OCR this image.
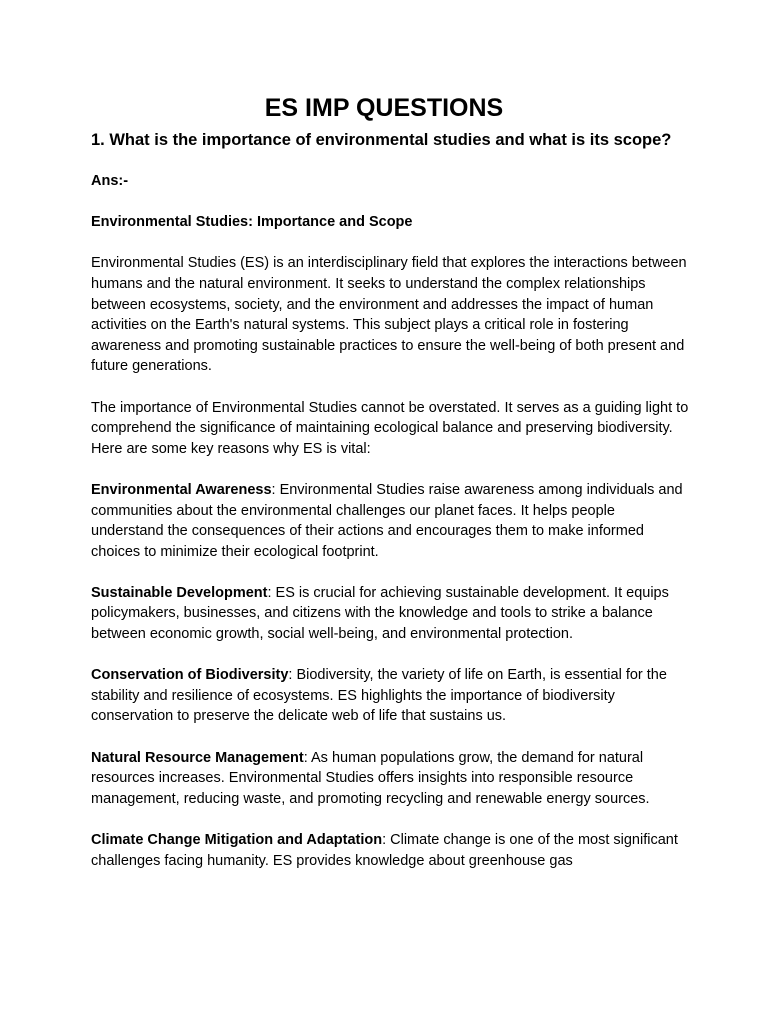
ES IMP QUESTIONS

1. What is the importance of environmental studies and what is its scope?

Ans:-

Environmental Studies: Importance and Scope

Environmental Studies (ES) is an interdisciplinary field that explores the interactions between humans and the natural environment. It seeks to understand the complex relationships between ecosystems, society, and the environment and addresses the impact of human activities on the Earth's natural systems. This subject plays a critical role in fostering awareness and promoting sustainable practices to ensure the well-being of both present and future generations.

The importance of Environmental Studies cannot be overstated. It serves as a guiding light to comprehend the significance of maintaining ecological balance and preserving biodiversity. Here are some key reasons why ES is vital:

Environmental Awareness: Environmental Studies raise awareness among individuals and communities about the environmental challenges our planet faces. It helps people understand the consequences of their actions and encourages them to make informed choices to minimize their ecological footprint.

Sustainable Development: ES is crucial for achieving sustainable development. It equips policymakers, businesses, and citizens with the knowledge and tools to strike a balance between economic growth, social well-being, and environmental protection.

Conservation of Biodiversity: Biodiversity, the variety of life on Earth, is essential for the stability and resilience of ecosystems. ES highlights the importance of biodiversity conservation to preserve the delicate web of life that sustains us.

Natural Resource Management: As human populations grow, the demand for natural resources increases. Environmental Studies offers insights into responsible resource management, reducing waste, and promoting recycling and renewable energy sources.

Climate Change Mitigation and Adaptation: Climate change is one of the most significant challenges facing humanity. ES provides knowledge about greenhouse gas
